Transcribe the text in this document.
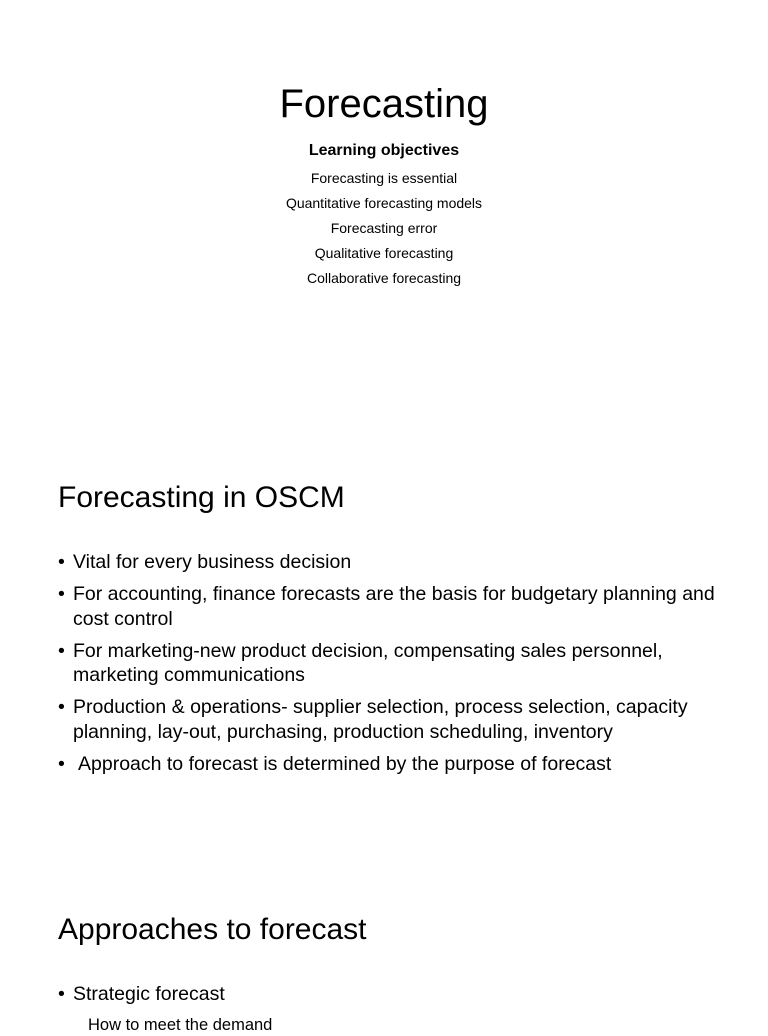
Forecasting
Learning objectives
Forecasting is essential
Quantitative forecasting models
Forecasting error
Qualitative forecasting
Collaborative forecasting
Forecasting in OSCM
• Vital for every business decision
• For accounting, finance forecasts are the basis for budgetary planning and cost control
• For marketing-new product decision, compensating sales personnel, marketing communications
• Production & operations- supplier selection, process selection, capacity planning, lay-out, purchasing, production scheduling, inventory
• Approach to forecast is determined by the purpose of forecast
Approaches to forecast
• Strategic forecast
How to meet the demand
